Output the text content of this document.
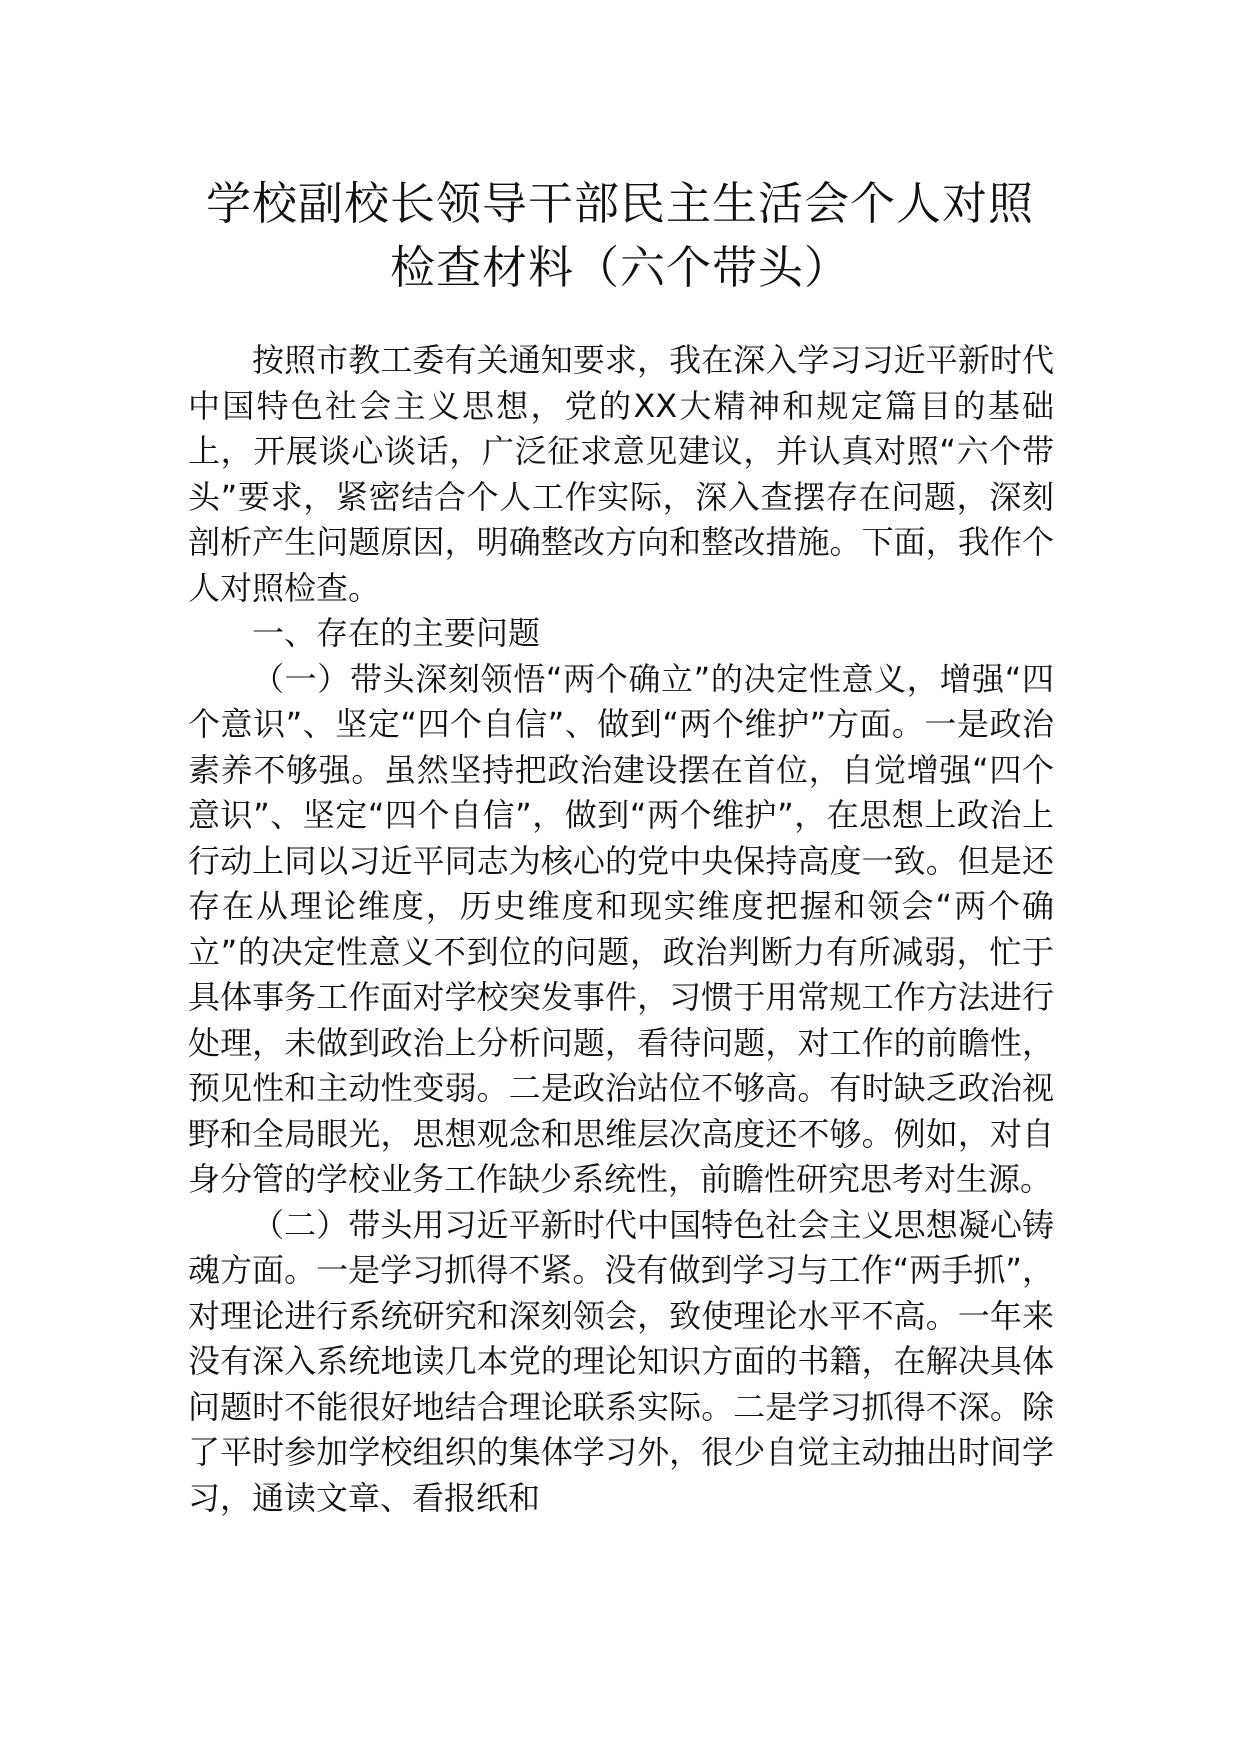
学校副校长领导干部民主生活会个人对照
检查材料（六个带头）

按照市教工委有关通知要求，我在深入学习习近平新时代中国特色社会主义思想，党的XX大精神和规定篇目的基础上，开展谈心谈话，广泛征求意见建议，并认真对照“六个带头”要求，紧密结合个人工作实际，深入查摆存在问题，深刻剖析产生问题原因，明确整改方向和整改措施。下面，我作个人对照检查。

一、存在的主要问题

（一）带头深刻领悟“两个确立”的决定性意义，增强“四个意识”、坚定“四个自信”、做到“两个维护”方面。一是政治素养不够强。虽然坚持把政治建设摆在首位，自觉增强“四个意识”、坚定“四个自信”，做到“两个维护”，在思想上政治上行动上同以习近平同志为核心的党中央保持高度一致。但是还存在从理论维度，历史维度和现实维度把握和领会“两个确立”的决定性意义不到位的问题，政治判断力有所减弱，忙于具体事务工作面对学校突发事件，习惯于用常规工作方法进行处理，未做到政治上分析问题，看待问题，对工作的前瞻性，预见性和主动性变弱。二是政治站位不够高。有时缺乏政治视野和全局眼光，思想观念和思维层次高度还不够。例如，对自身分管的学校业务工作缺少系统性，前瞻性研究思考对生源。

（二）带头用习近平新时代中国特色社会主义思想凝心铸魂方面。一是学习抓得不紧。没有做到学习与工作“两手抓”，对理论进行系统研究和深刻领会，致使理论水平不高。一年来没有深入系统地读几本党的理论知识方面的书籍，在解决具体问题时不能很好地结合理论联系实际。二是学习抓得不深。除了平时参加学校组织的集体学习外，很少自觉主动抽出时间学习，通读文章、看报纸和
